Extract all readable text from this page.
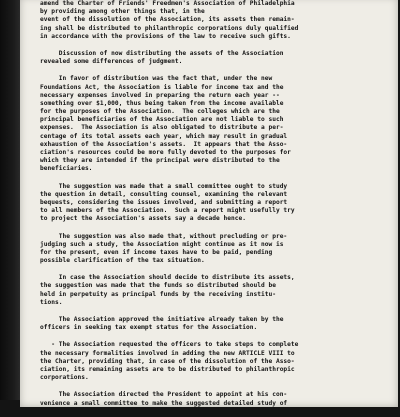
amend the Charter of Friends' Freedmen's Association of Philadelphia
by providing among other things that, in the
event of the dissolution of the Association, its assets then remain-
ing shall be distributed to philanthropic corporations duly qualified
in accordance with the provisions of the law to receive such gifts.
Discussion of now distributing the assets of the Association
revealed some differences of judgment.
In favor of distribution was the fact that, under the new
Foundations Act, the Association is liable for income tax and the
necessary expenses involved in preparing the return each year --
something over $1,000, thus being taken from the income available
for the purposes of the Association.  The colleges which are the
principal beneficiaries of the Association are not liable to such
expenses.  The Association is also obligated to distribute a per-
centage of its total assets each year, which may result in gradual
exhaustion of the Association's assets.  It appears that the Asso-
ciation's resources could be more fully devoted to the purposes for
which they are intended if the principal were distributed to the
beneficiaries.
The suggestion was made that a small committee ought to study
the question in detail, consulting counsel, examining the relevant
bequests, considering the issues involved, and submitting a report
to all members of the Association.  Such a report might usefully try
to project the Association's assets say a decade hence.
The suggestion was also made that, without precluding or pre-
judging such a study, the Association might continue as it now is
for the present, even if income taxes have to be paid, pending
possible clarification of the tax situation.
In case the Association should decide to distribute its assets,
the suggestion was made that the funds so distributed should be
held in perpetuity as principal funds by the receiving institu-
tions.
The Association approved the initiative already taken by the
officers in seeking tax exempt status for the Association.
- The Association requested the officers to take steps to complete
the necessary formalities involved in adding the new ARTICLE VIII to
the Charter, providing that, in case of the dissolution of the Asso-
ciation, its remaining assets are to be distributed to philanthropic
corporations.
The Association directed the President to appoint at his con-
venience a small committee to make the suggested detailed study of
